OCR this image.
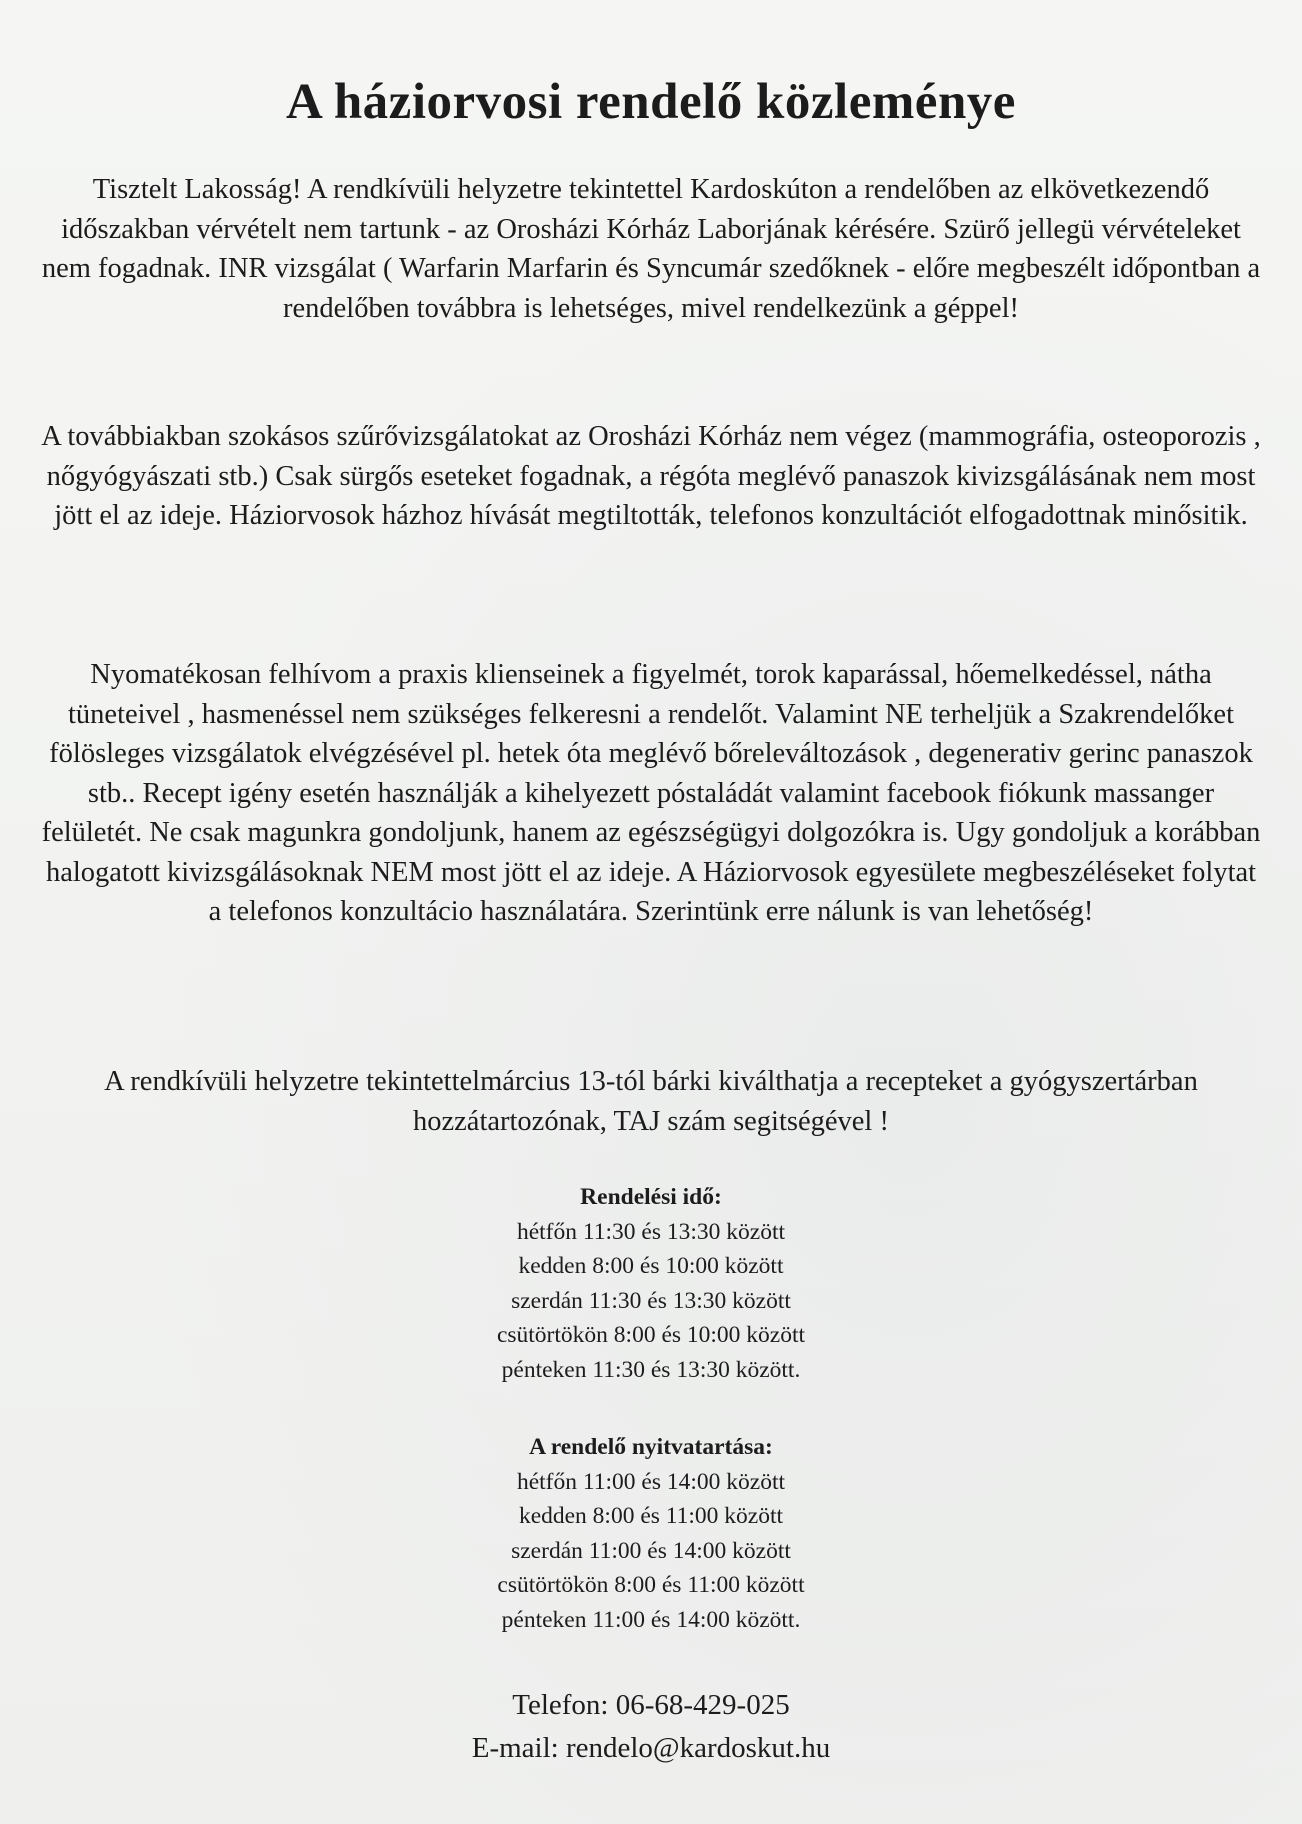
A háziorvosi rendelő közleménye

Tisztelt Lakosság! A rendkívüli helyzetre tekintettel Kardoskúton a rendelőben az elkövetkezendő időszakban vérvételt nem tartunk - az Orosházi Kórház Laborjának kérésére. Szürő jellegü vérvételeket nem fogadnak. INR vizsgálat ( Warfarin Marfarin és Syncumár szedőknek - előre megbeszélt időpontban a rendelőben továbbra is lehetséges, mivel rendelkezünk a géppel!

A továbbiakban szokásos szűrővizsgálatokat az Orosházi Kórház nem végez (mammográfia, osteoporozis , nőgyógyászati stb.) Csak sürgős eseteket fogadnak, a régóta meglévő panaszok kivizsgálásának nem most jött el az ideje. Háziorvosok házhoz hívását megtiltották, telefonos konzultációt elfogadottnak minősitik.

Nyomatékosan felhívom a praxis klienseinek a figyelmét, torok kaparással, hőemelkedéssel, nátha tüneteivel , hasmenéssel nem szükséges felkeresni a rendelőt. Valamint NE terheljük a Szakrendelőket fölösleges vizsgálatok elvégzésével pl. hetek óta meglévő bőreleváltozások , degenerativ gerinc panaszok stb.. Recept igény esetén használják a kihelyezett póstaládát valamint facebook fiókunk massanger felületét. Ne csak magunkra gondoljunk, hanem az egészségügyi dolgozókra is. Ugy gondoljuk a korábban halogatott kivizsgálásoknak NEM most jött el az ideje. A Háziorvosok egyesülete megbeszéléseket folytat a telefonos konzultácio használatára. Szerintünk erre nálunk is van lehetőség!

A rendkívüli helyzetre tekintettelmárcius 13-tól bárki kiválthatja a recepteket a gyógyszertárban hozzátartozónak, TAJ szám segitségével !

Rendelési idő:
hétfőn 11:30 és 13:30 között
kedden 8:00 és 10:00 között
szerdán 11:30 és 13:30 között
csütörtökön 8:00 és 10:00 között
pénteken 11:30 és 13:30 között.
A rendelő nyitvatartása:
hétfőn 11:00 és 14:00 között
kedden 8:00 és 11:00 között
szerdán 11:00 és 14:00 között
csütörtökön 8:00 és 11:00 között
pénteken 11:00 és 14:00 között.
Telefon: 06-68-429-025
E-mail: rendelo@kardoskut.hu
